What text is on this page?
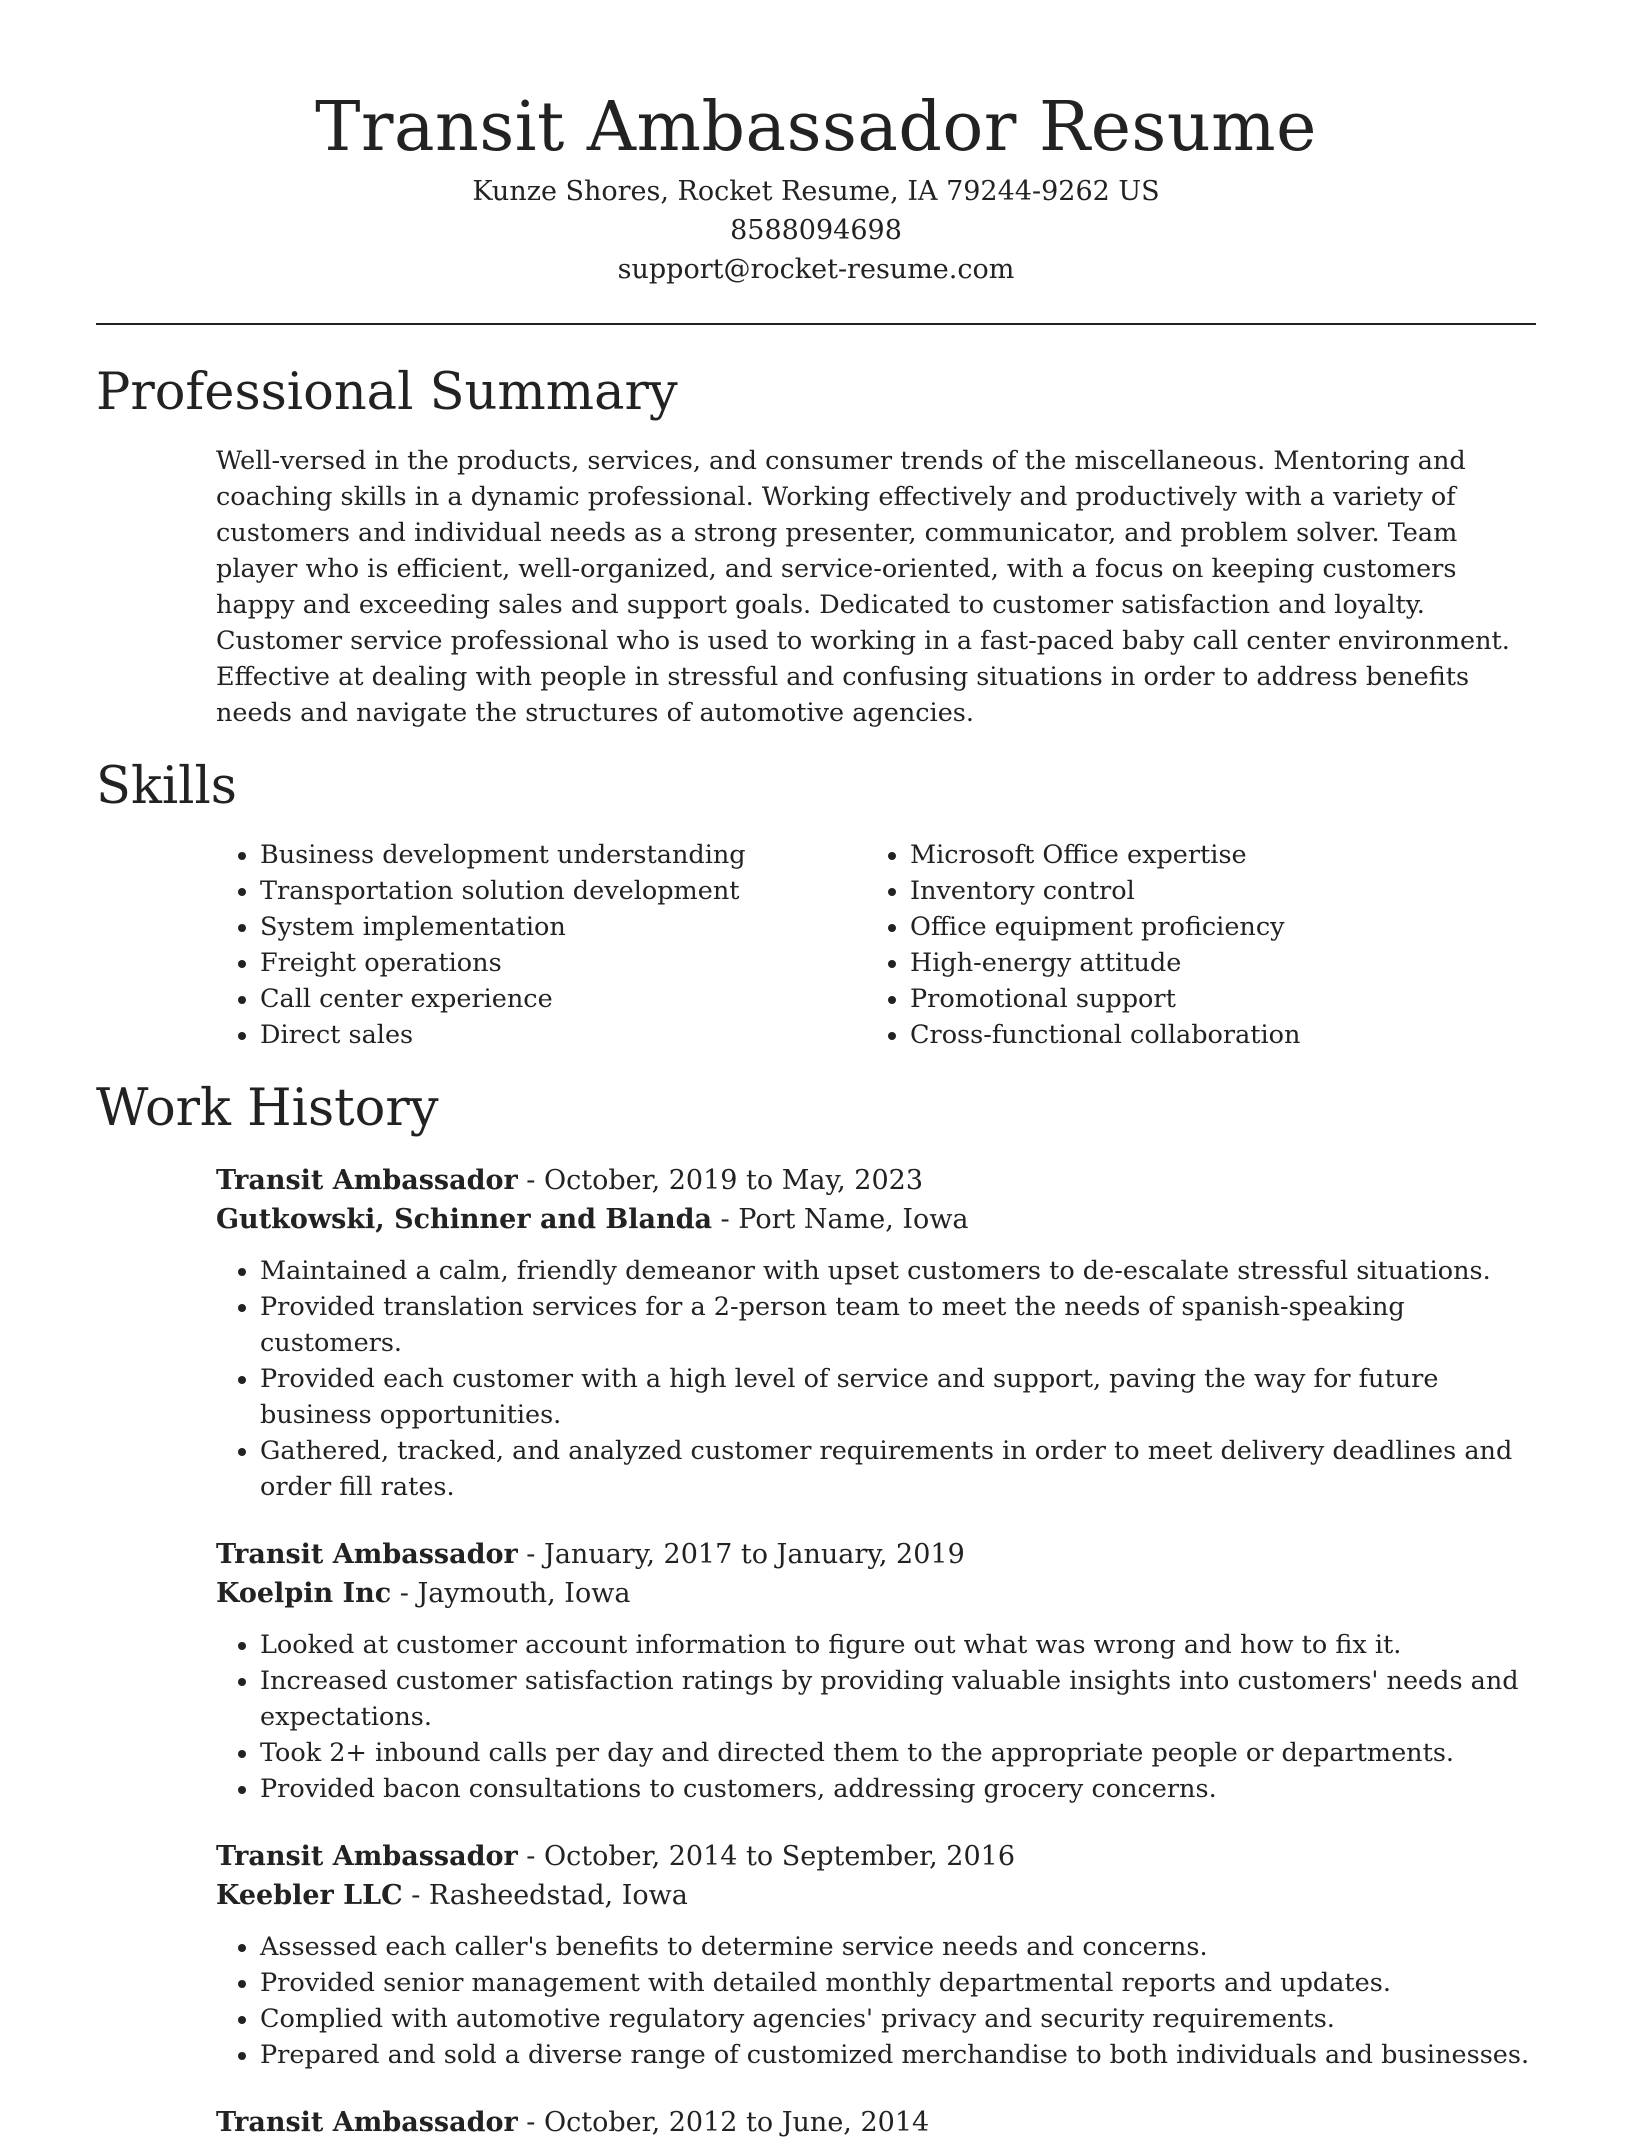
Transit Ambassador Resume
Kunze Shores, Rocket Resume, IA 79244-9262 US
8588094698
support@rocket-resume.com
Professional Summary
Well-versed in the products, services, and consumer trends of the miscellaneous. Mentoring and coaching skills in a dynamic professional. Working effectively and productively with a variety of customers and individual needs as a strong presenter, communicator, and problem solver. Team player who is efficient, well-organized, and service-oriented, with a focus on keeping customers happy and exceeding sales and support goals. Dedicated to customer satisfaction and loyalty. Customer service professional who is used to working in a fast-paced baby call center environment. Effective at dealing with people in stressful and confusing situations in order to address benefits needs and navigate the structures of automotive agencies.
Skills
• Business development understanding
• Transportation solution development
• System implementation
• Freight operations
• Call center experience
• Direct sales
• Microsoft Office expertise
• Inventory control
• Office equipment proficiency
• High-energy attitude
• Promotional support
• Cross-functional collaboration
Work History
Transit Ambassador - October, 2019 to May, 2023
Gutkowski, Schinner and Blanda - Port Name, Iowa
• Maintained a calm, friendly demeanor with upset customers to de-escalate stressful situations.
• Provided translation services for a 2-person team to meet the needs of spanish-speaking customers.
• Provided each customer with a high level of service and support, paving the way for future business opportunities.
• Gathered, tracked, and analyzed customer requirements in order to meet delivery deadlines and order fill rates.
Transit Ambassador - January, 2017 to January, 2019
Koelpin Inc - Jaymouth, Iowa
• Looked at customer account information to figure out what was wrong and how to fix it.
• Increased customer satisfaction ratings by providing valuable insights into customers' needs and expectations.
• Took 2+ inbound calls per day and directed them to the appropriate people or departments.
• Provided bacon consultations to customers, addressing grocery concerns.
Transit Ambassador - October, 2014 to September, 2016
Keebler LLC - Rasheedstad, Iowa
• Assessed each caller's benefits to determine service needs and concerns.
• Provided senior management with detailed monthly departmental reports and updates.
• Complied with automotive regulatory agencies' privacy and security requirements.
• Prepared and sold a diverse range of customized merchandise to both individuals and businesses.
Transit Ambassador - October, 2012 to June, 2014
